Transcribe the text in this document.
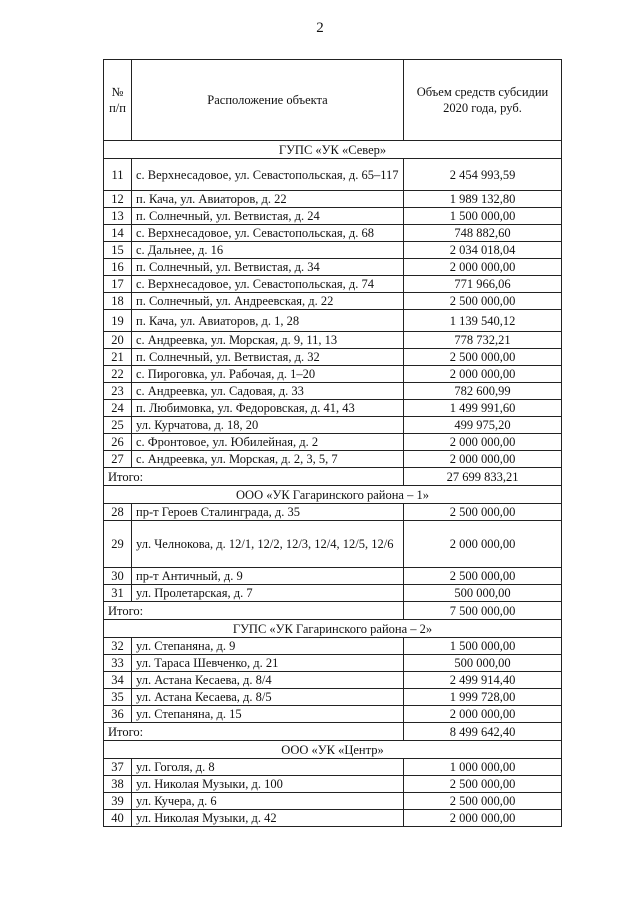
2
№ п/п	Расположение объекта	Объем средств субсидии 2020 года, руб.
ГУПС «УК «Север»		
11	с. Верхнесадовое, ул. Севастопольская, д. 65–117	2 454 993,59
12	п. Кача, ул. Авиаторов, д. 22	1 989 132,80
13	п. Солнечный, ул. Ветвистая, д. 24	1 500 000,00
14	с. Верхнесадовое, ул. Севастопольская, д. 68	748 882,60
15	с. Дальнее, д. 16	2 034 018,04
16	п. Солнечный, ул. Ветвистая, д. 34	2 000 000,00
17	с. Верхнесадовое, ул. Севастопольская, д. 74	771 966,06
18	п. Солнечный, ул. Андреевская, д. 22	2 500 000,00
19	п. Кача, ул. Авиаторов, д. 1, 28	1 139 540,12
20	с. Андреевка, ул. Морская, д. 9, 11, 13	778 732,21
21	п. Солнечный, ул. Ветвистая, д. 32	2 500 000,00
22	с. Пироговка, ул. Рабочая, д. 1–20	2 000 000,00
23	с. Андреевка, ул. Садовая, д. 33	782 600,99
24	п. Любимовка, ул. Федоровская, д. 41, 43	1 499 991,60
25	ул. Курчатова, д. 18, 20	499 975,20
26	с. Фронтовое, ул. Юбилейная, д. 2	2 000 000,00
27	с. Андреевка, ул. Морская, д. 2, 3, 5, 7	2 000 000,00
Итого:		27 699 833,21
ООО «УК Гагаринского района – 1»		
28	пр-т Героев Сталинграда, д. 35	2 500 000,00
29	ул. Челнокова, д. 12/1, 12/2, 12/3, 12/4, 12/5, 12/6	2 000 000,00
30	пр-т Античный, д. 9	2 500 000,00
31	ул. Пролетарская, д. 7	500 000,00
Итого:		7 500 000,00
ГУПС «УК Гагаринского района – 2»		
32	ул. Степаняна, д. 9	1 500 000,00
33	ул. Тараса Шевченко, д. 21	500 000,00
34	ул. Астана Кесаева, д. 8/4	2 499 914,40
35	ул. Астана Кесаева, д. 8/5	1 999 728,00
36	ул. Степаняна, д. 15	2 000 000,00
Итого:		8 499 642,40
ООО «УК «Центр»		
37	ул. Гоголя, д. 8	1 000 000,00
38	ул. Николая Музыки, д. 100	2 500 000,00
39	ул. Кучера, д. 6	2 500 000,00
40	ул. Николая Музыки, д. 42	2 000 000,00
